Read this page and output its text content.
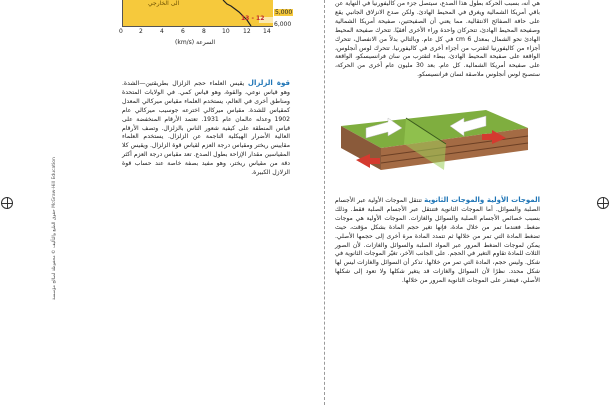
الى الخارجي
13 - 12
5,000
6,000
0	2	4	6	8	10 12 14
(km/s) السرعة
قوة الزلزال يقيس العلماء حجم الزلزال بطريقتين—الشدة. وهو قياس نوعي، والقوة، وهو قياس كمي. في الولايات المتحدة ومناطق أخرى في العالم، يستخدم العلماء مقياس ميركالي المعدل كمقياس للشدة. مقياس ميركالي اخترعه جوسيب ميركالي عام 1902 وعدله عالمان عام 1931. تعتمد الأرقام المنخفضة على قياس المنطقة على كيفية شعور الناس بالزلزال. وتصف الأرقام العالية الأضرار الهيكلية الناجمة عن الزلزال. يستخدم العلماء مقاييس ريختر ومقياس درجة العزم لقياس قوة الزلزال. ويقيس كلا المقياسين مقدار الإزاحة بطول الصدع. تعد مقياس درجة العزم أكثر دقة من مقياس ريختر، وهو مفيد بصفة خاصة عند حساب قوة الزلازل الكبيرة.
هي أنه، بسبب الحركة بطول هذا الصدع، سيتصل جزء من كاليفورنيا في النهاية عن باقي أمريكا الشمالية ويغرق في المحيط الهادئ. ولكن صدع الانزلاق الجانبي يقع على حافة الصفائح الانتقالية. مما يعني أن الصفيحتين، صفيحة أمريكا الشمالية وصفيحة المحيط الهادئ، تتحركان واحدة وراء الأخرى أفقيًا. تتحرك صفيحة المحيط الهادئ نحو الشمال بمعدل 6 cm في كل عام. وبالتالي بدلاً من الانفصال، تتحرك أجزاء من كاليفورنيا لتقترب من أجزاء أخرى في كاليفورنيا. تتحرك لوس أنجلوس، الواقعة على صفيحة المحيط الهادئ، ببطء لتقترب من سان فرانسيسكو، الواقعة على صفيحة أمريكا الشمالية. كل عام. بعد 30 مليون عام أخرى من الحركة، ستصبح لوس أنجلوس ملاصقة لسان فرانسيسكو.
الموجات الأولية والموجات الثانوية تنتقل الموجات الأولية عبر الأجسام الصلبة والسوائل. أما الموجات الثانوية فتنتقل عبر الأجسام الصلبة فقط. وذلك بسبب خصائص الأجسام الصلبة والسوائل والغازات. الموجات الأولية هي موجات ضغط. فعندما تمر من خلال مادة، فإنها تغير حجم المادة بشكل مؤقت، حيث تضغط المادة التي تمر من خلالها ثم تتمدد المادة مرة أخرى إلى حجمها الأصلي. يمكن لموجات الضغط المرور عبر المواد الصلبة والسوائل والغازات. لأن الصور الثلاث للمادة تقاوم التغير في الحجم. على الجانب الآخر، تغيّر الموجات الثانوية في شكل. وليس حجم، المادة التي تمر من خلالها. تذكر أن السوائل والغازات ليس لها شكل محدد. نظرًا لأن السوائل والغازات قد يتغير شكلها ولا تعود إلى شكلها الأصلي، فيتعذر على الموجات الثانوية المرور من خلالها.
حقوق الطبع والتأليف © محفوظة لصالح مؤسسة McGraw-Hill Education
